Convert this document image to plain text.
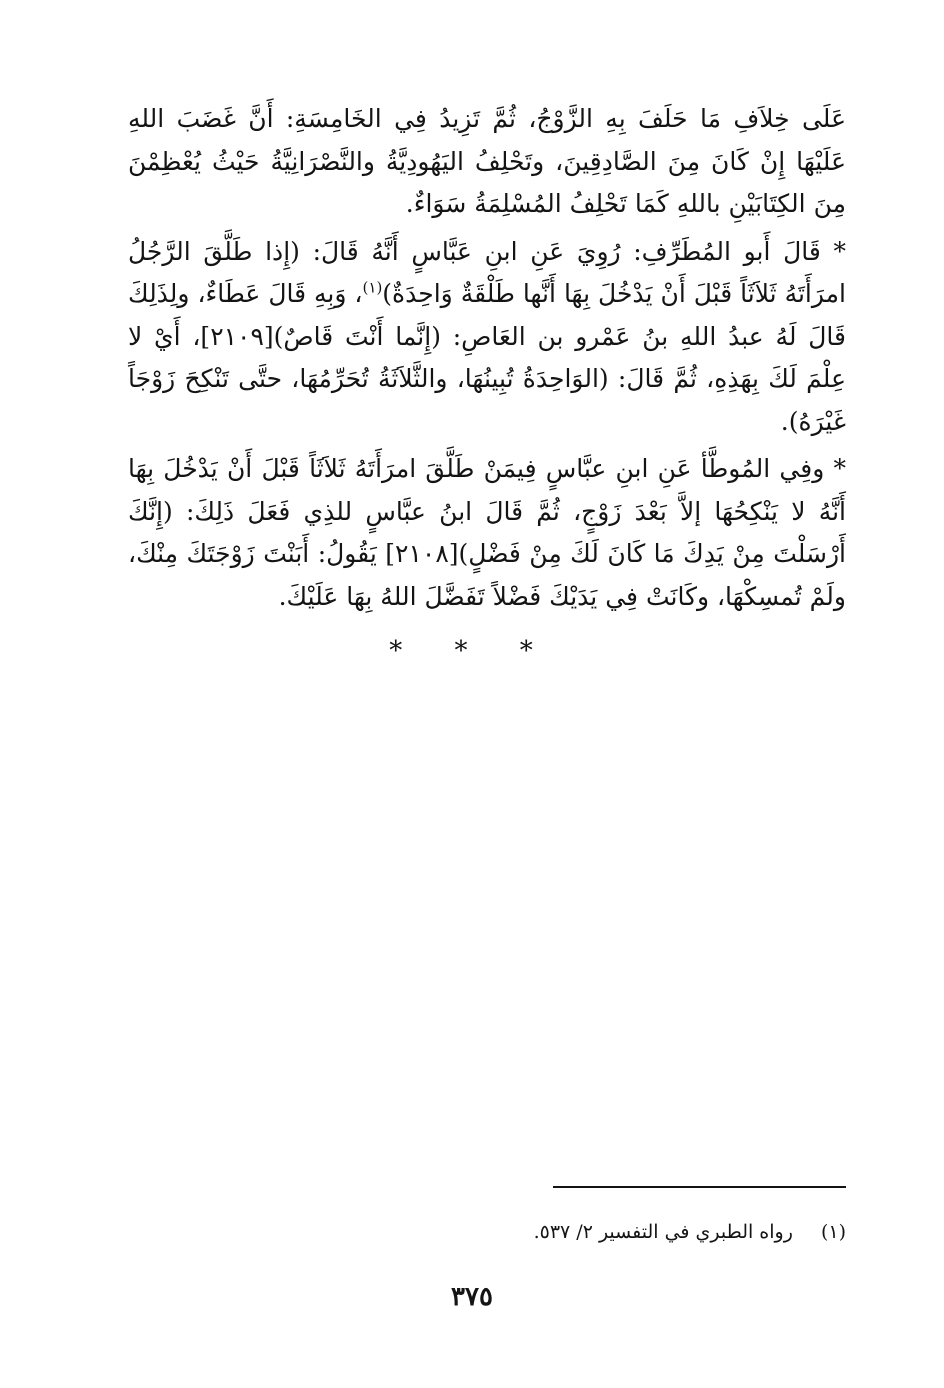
عَلَى خِلاَفِ مَا حَلَفَ بِهِ الزَّوْجُ، ثُمَّ تَزِيدُ فِي الخَامِسَةِ: أَنَّ غَضَبَ اللهِ عَلَيْهَا إِنْ كَانَ مِنَ الصَّادِقِينَ، وتَحْلِفُ اليَهُودِيَّةُ والنَّصْرَانِيَّةُ حَيْثُ يُعْظِمْنَ مِنَ الكِتَابَيْنِ باللهِ كَمَا تَحْلِفُ المُسْلِمَةُ سَوَاءٌ.

* قَالَ أَبو المُطَرِّفِ: رُوِيَ عَنِ ابنِ عَبَّاسٍ أَنَّهُ قَالَ: (إِذا طَلَّقَ الرَّجُلُ امرَأَتَهُ ثَلاَثَاً قَبْلَ أَنْ يَدْخُلَ بِهَا أَنَّها طَلْقَةٌ وَاحِدَةٌ)$^{(١)}$، وَبِهِ قَالَ عَطَاءٌ، ولِذَلِكَ قَالَ لَهُ عبدُ اللهِ بنُ عَمْرو بن العَاصِ: (إِنَّما أَنْتَ قَاصٌ)[٢١٠٩]، أَيْ لا عِلْمَ لَكَ بِهَذِهِ، ثُمَّ قَالَ: (الوَاحِدَةُ تُبِينُهَا، والثَّلاَثَةُ تُحَرِّمُهَا، حتَّى تَنْكِحَ زَوْجَاً غَيْرَهُ).

* وفِي المُوطَّأ عَنِ ابنِ عبَّاسٍ فِيمَنْ طَلَّقَ امرَأَتَهُ ثَلاَثَاً قَبْلَ أَنْ يَدْخُلَ بِهَا أَنَّهُ لا يَنْكِحُهَا إلاَّ بَعْدَ زَوْجٍ، ثُمَّ قَالَ ابنُ عبَّاسٍ للذِي فَعَلَ ذَلِكَ: (إِنَّكَ أَرْسَلْتَ مِنْ يَدِكَ مَا كَانَ لَكَ مِنْ فَضْلٍ)[٢١٠٨] يَقُولُ: أَبَنْتَ زَوْجَتَكَ مِنْكَ، ولَمْ تُمسِكْهَا، وكَانَتْ فِي يَدَيْكَ فَضْلاً تَفَضَّلَ اللهُ بِهَا عَلَيْكَ.

* * *
(١) رواه الطبري في التفسير ٢/ ٥٣٧.
٣٧٥
